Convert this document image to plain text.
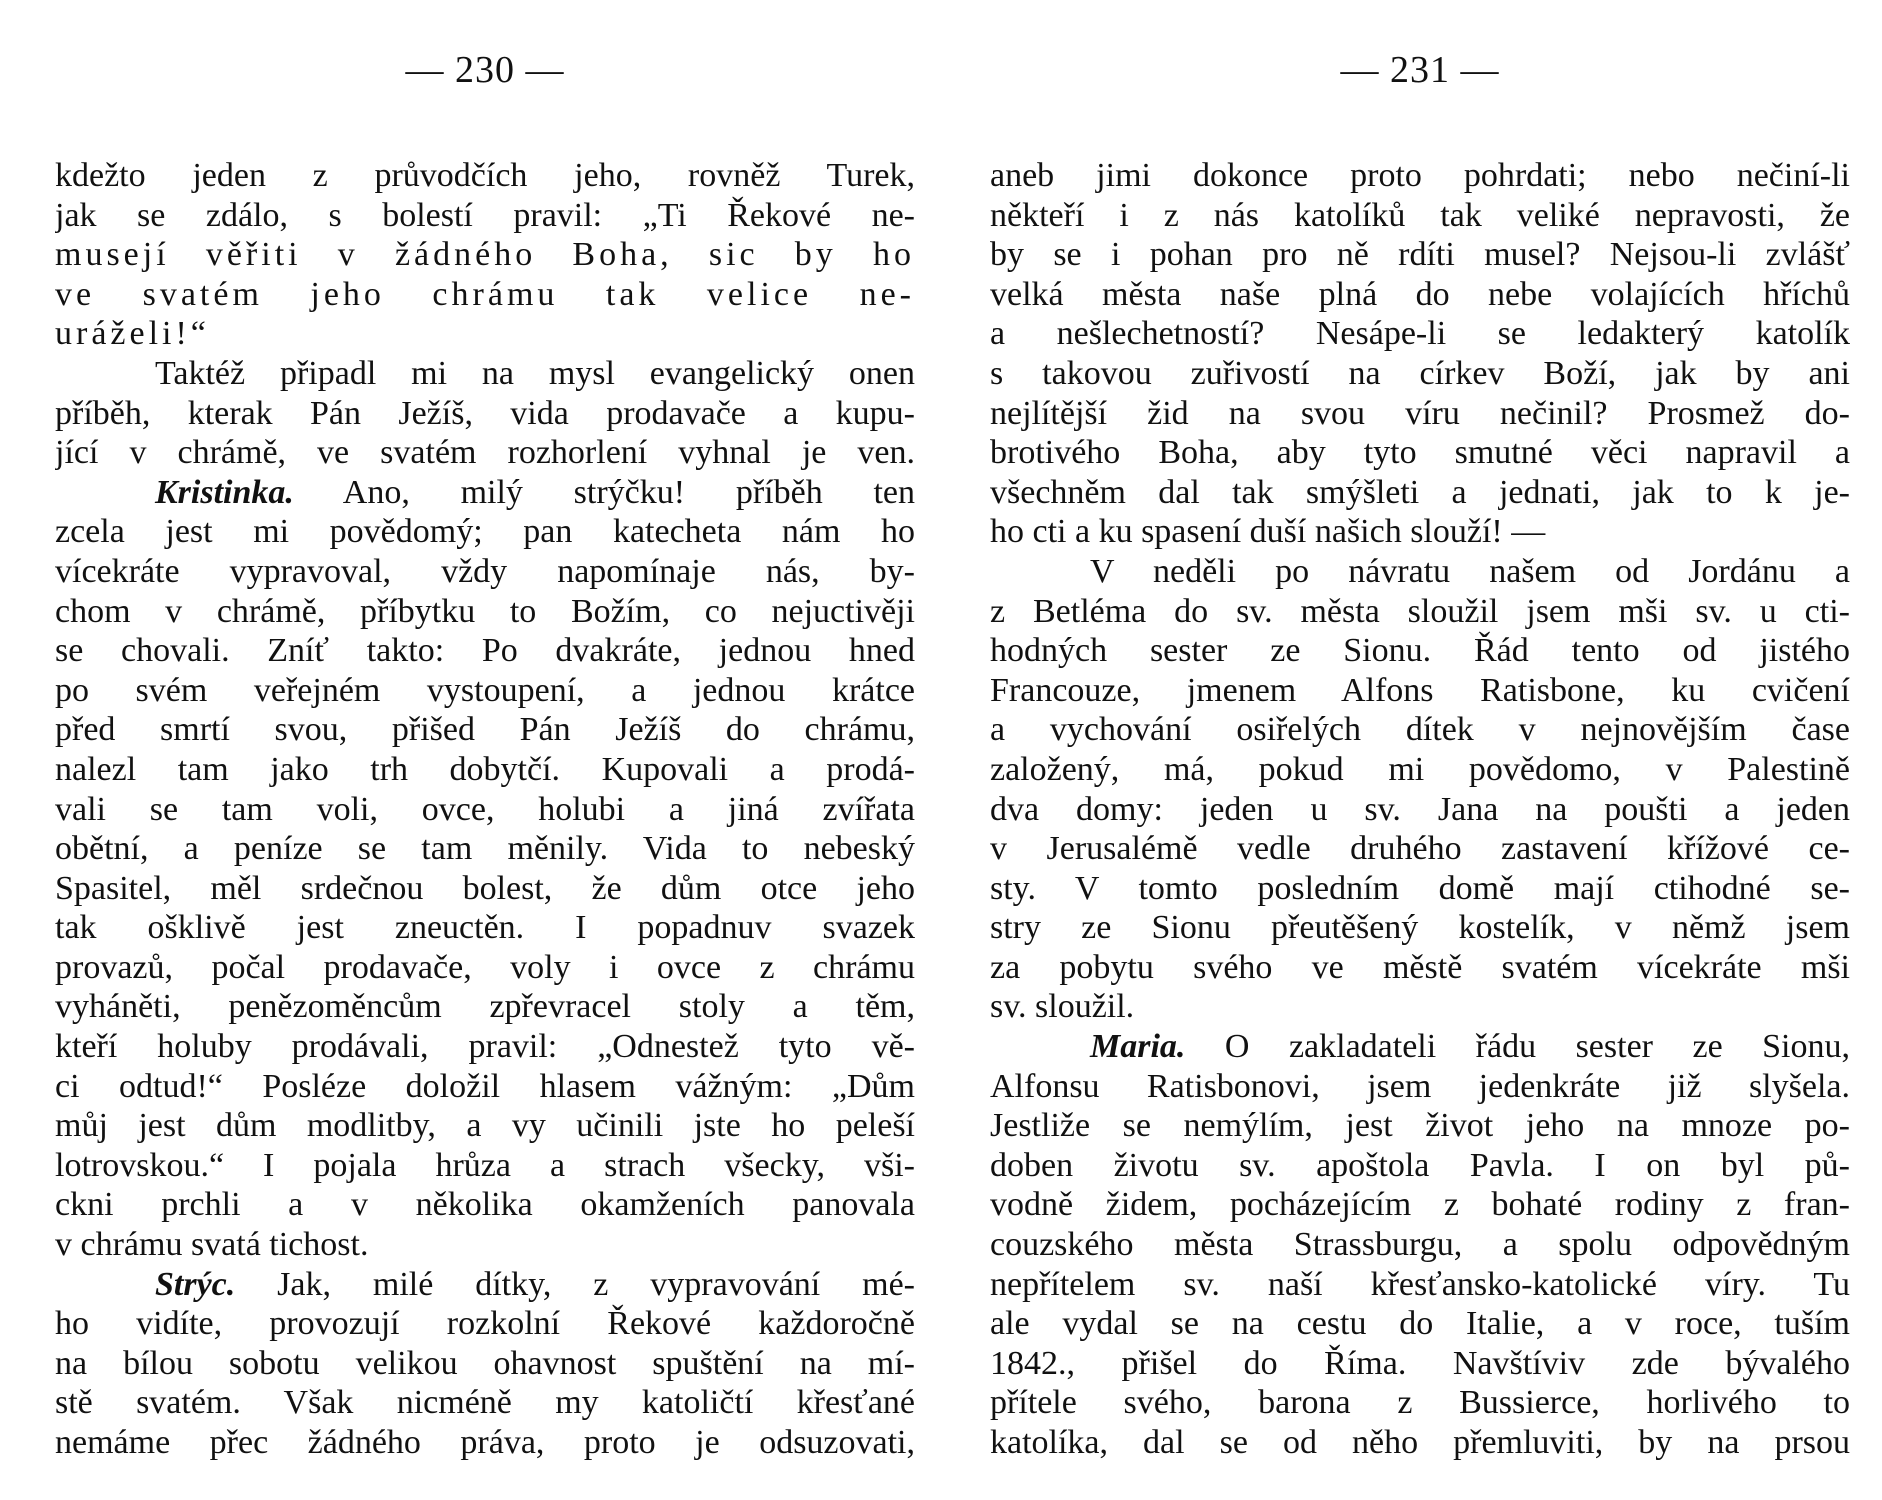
— 230 —
kdežto jeden z průvodčích jeho, rovněž Turek,
jak se zdálo, s bolestí pravil: „Ti Řekové ne-
musejí věřiti v žádného Boha, sic by ho
ve svatém jeho chrámu tak velice ne-
uráželi!“
Taktéž připadl mi na mysl evangelický onen
příběh, kterak Pán Ježíš, vida prodavače a kupu-
jící v chrámě, ve svatém rozhorlení vyhnal je ven.
Kristinka. Ano, milý strýčku! příběh ten
zcela jest mi povědomý; pan katecheta nám ho
vícekráte vypravoval, vždy napomínaje nás, by-
chom v chrámě, příbytku to Božím, co nejuctivěji
se chovali. Zníť takto: Po dvakráte, jednou hned
po svém veřejném vystoupení, a jednou krátce
před smrtí svou, přišed Pán Ježíš do chrámu,
nalezl tam jako trh dobytčí. Kupovali a prodá-
vali se tam voli, ovce, holubi a jiná zvířata
obětní, a peníze se tam měnily. Vida to nebeský
Spasitel, měl srdečnou bolest, že dům otce jeho
tak ošklivě jest zneuctěn. I popadnuv svazek
provazů, počal prodavače, voly i ovce z chrámu
vyháněti, penězoměncům zpřevracel stoly a těm,
kteří holuby prodávali, pravil: „Odnestež tyto vě-
ci odtud!“ Posléze doložil hlasem vážným: „Dům
můj jest dům modlitby, a vy učinili jste ho peleší
lotrovskou.“ I pojala hrůza a strach všecky, vši-
ckni prchli a v několika okamženích panovala
v chrámu svatá tichost.
Strýc. Jak, milé dítky, z vypravování mé-
ho vidíte, provozují rozkolní Řekové každoročně
na bílou sobotu velikou ohavnost spuštění na mí-
stě svatém. Však nicméně my katoličtí křesťané
nemáme přec žádného práva, proto je odsuzovati,
— 231 —
aneb jimi dokonce proto pohrdati; nebo nečiní-li
někteří i z nás katolíků tak veliké nepravosti, že
by se i pohan pro ně rdíti musel? Nejsou-li zvlášť
velká města naše plná do nebe volajících hříchů
a nešlechetností? Nesápe-li se ledakterý katolík
s takovou zuřivostí na církev Boží, jak by ani
nejlítější žid na svou víru nečinil? Prosmež do-
brotivého Boha, aby tyto smutné věci napravil a
všechněm dal tak smýšleti a jednati, jak to k je-
ho cti a ku spasení duší našich slouží! —
V neděli po návratu našem od Jordánu a
z Betléma do sv. města sloužil jsem mši sv. u cti-
hodných sester ze Sionu. Řád tento od jistého
Francouze, jmenem Alfons Ratisbone, ku cvičení
a vychování osiřelých dítek v nejnovějším čase
založený, má, pokud mi povědomo, v Palestině
dva domy: jeden u sv. Jana na poušti a jeden
v Jerusalémě vedle druhého zastavení křížové ce-
sty. V tomto posledním domě mají ctihodné se-
stry ze Sionu přeutěšený kostelík, v němž jsem
za pobytu svého ve městě svatém vícekráte mši
sv. sloužil.
Maria. O zakladateli řádu sester ze Sionu,
Alfonsu Ratisbonovi, jsem jedenkráte již slyšela.
Jestliže se nemýlím, jest život jeho na mnoze po-
doben životu sv. apoštola Pavla. I on byl pů-
vodně židem, pocházejícím z bohaté rodiny z fran-
couzského města Strassburgu, a spolu odpovědným
nepřítelem sv. naší křesťansko-katolické víry. Tu
ale vydal se na cestu do Italie, a v roce, tuším
1842., přišel do Říma. Navštíviv zde bývalého
přítele svého, barona z Bussierce, horlivého to
katolíka, dal se od něho přemluviti, by na prsou
